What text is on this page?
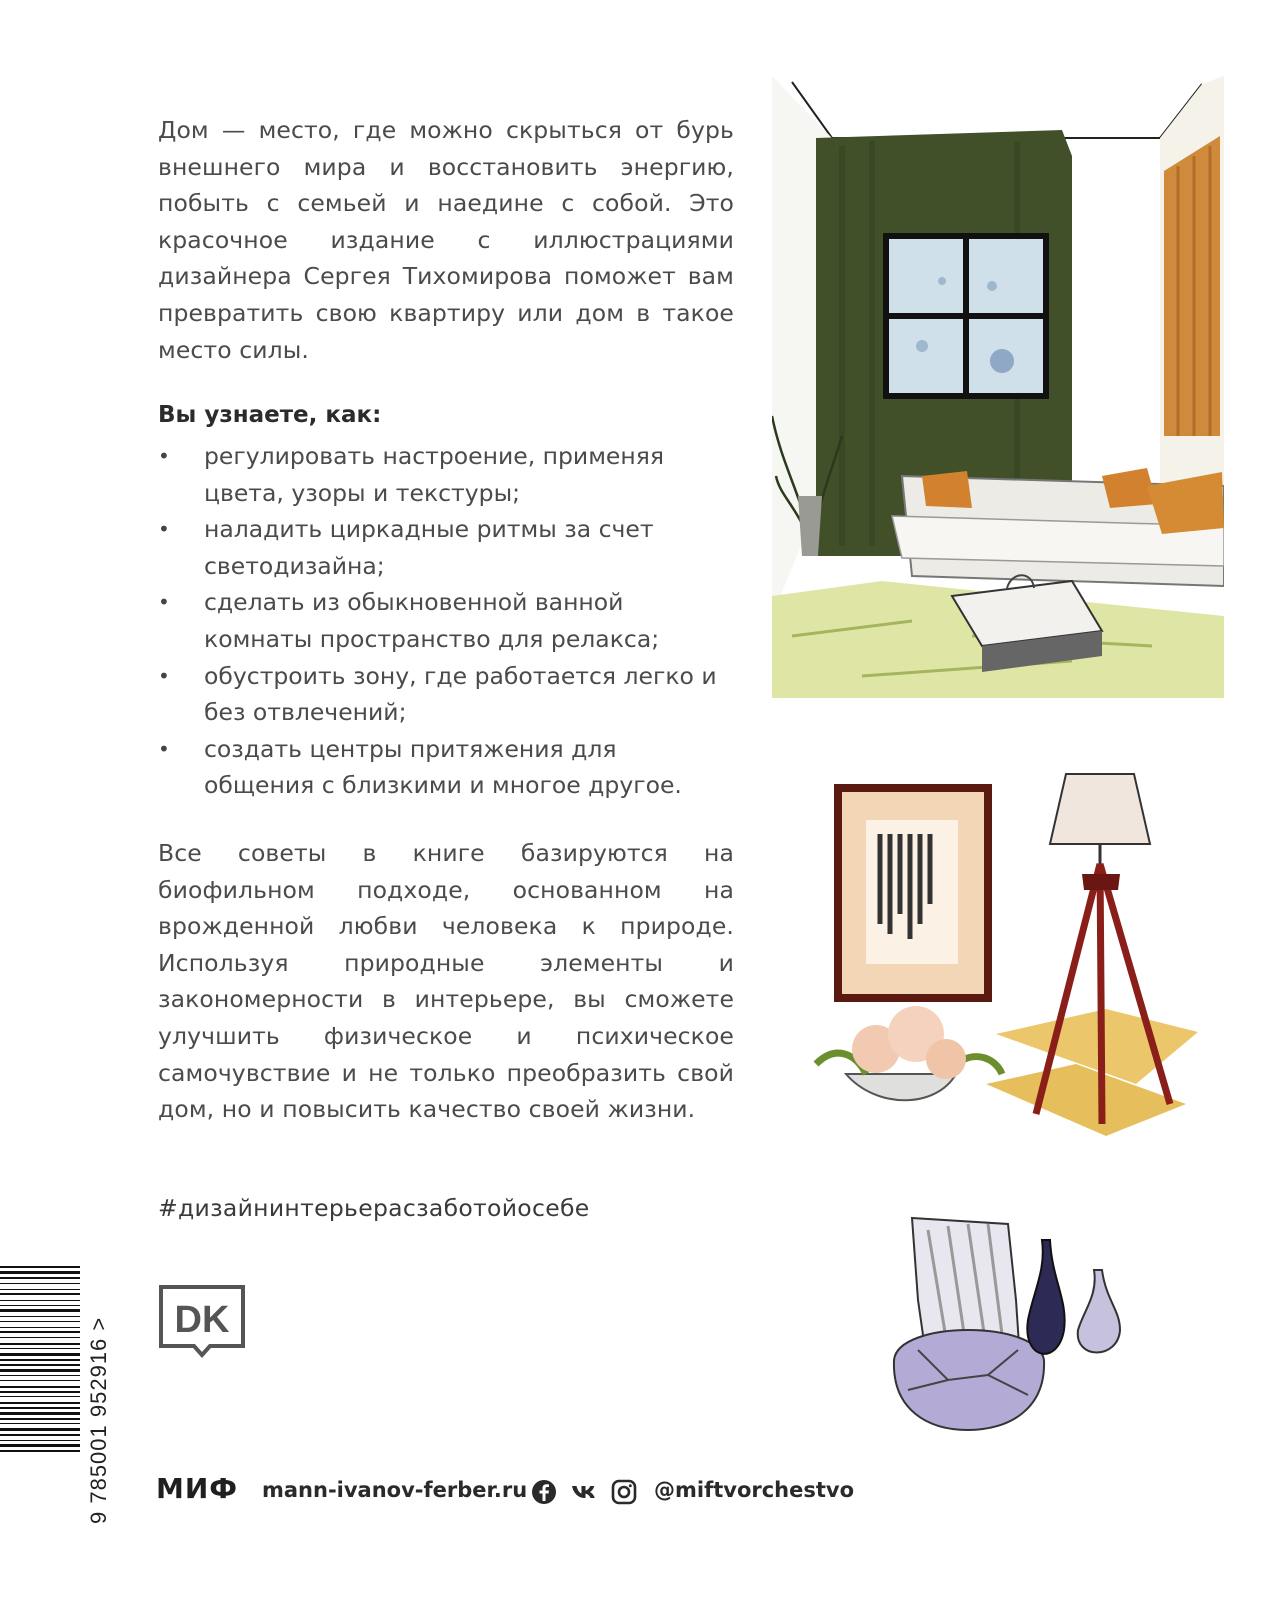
Дом — место, где можно скрыться от бурь внешнего мира и восстановить энергию, побыть с семьей и наедине с собой. Это красочное издание с иллюстрациями дизайнера Сергея Тихомирова поможет вам превратить свою квартиру или дом в такое место силы.

Вы узнаете, как:

• регулировать настроение, применяя цвета, узоры и текстуры;
• наладить циркадные ритмы за счет светодизайна;
• сделать из обыкновенной ванной комнаты пространство для релакса;
• обустроить зону, где работается легко и без отвлечений;
• создать центры притяжения для общения с близкими и многое другое.

Все советы в книге базируются на биофильном подходе, основанном на врожденной любви человека к природе. Используя природные элементы и закономерности в интерьере, вы сможете улучшить физическое и психическое самочувствие и не только преобразить свой дом, но и повысить качество своей жизни.

#дизайнинтерьерасзаботойосебе
DK
9 785001 952916 > МИФ mann-ivanov-ferber.ru	@miftvorchestvo
